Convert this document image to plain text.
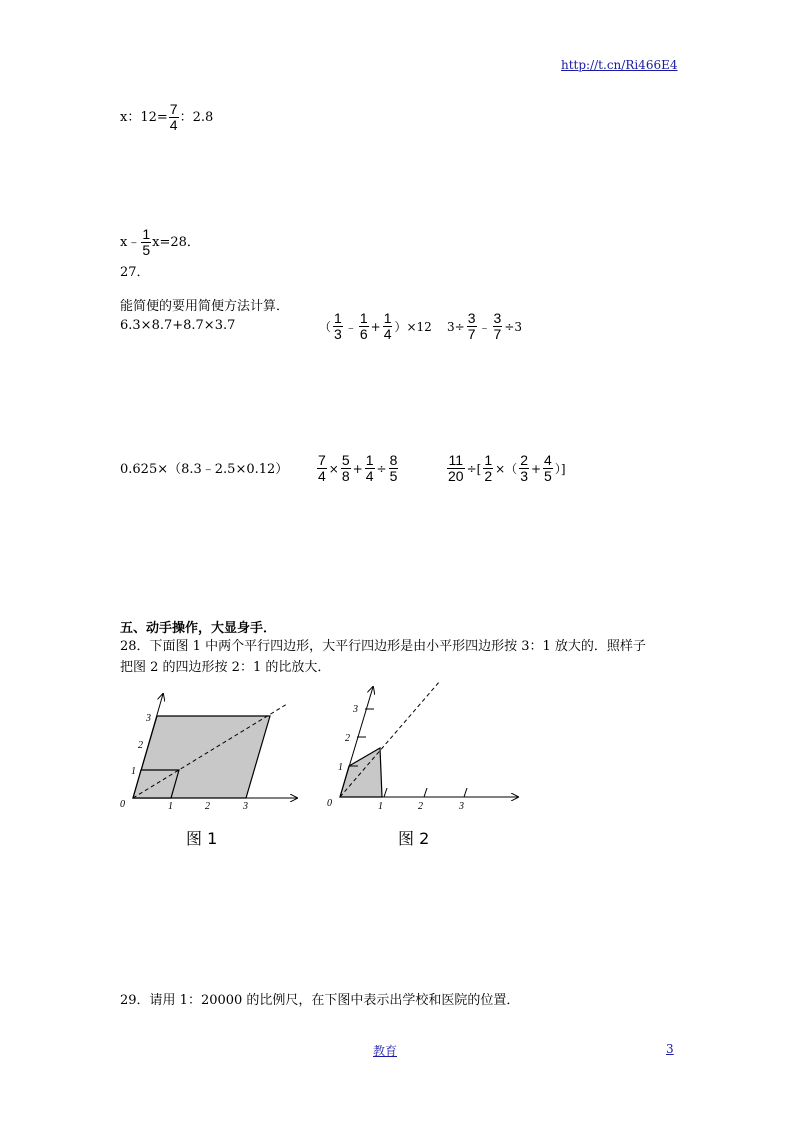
http://t.cn/Ri466E4
x：$12= \frac{7}{4}$ ：2.8
x﹣ $\frac{1}{5} x=28$．
27．
能简便的要用简便方法计算．
6.3×8.7+8.7×3.7	（ $\frac{1}{3}$ ﹣ $\frac{1}{6} + \frac{1}{4} )\times 12$ $3\div \frac{3}{7}$ ﹣ $\frac{3}{7} \div 3$
0.625×（8.3﹣2.5×0.12） $\frac{7}{4} \times \frac{5}{8} + \frac{1}{4} \div \frac{8}{5}$	$\frac{11}{20}$ ÷[ $\frac{1}{2}$ ×（ $\frac{2}{3} + \frac{4}{5}$ ）]
五、动手操作，大显身手．
28．下面图 1 中两个平行四边形，大平行四边形是由小平形四边形按 3：1 放大的．照样子
把图 2 的四边形按 2：1 的比放大．
0	1	2	3
1
2
3
图 1
0	1	2	3
1
2
3
图 2
29．请用 1：20000 的比例尺，在下图中表示出学校和医院的位置．
教育	3
